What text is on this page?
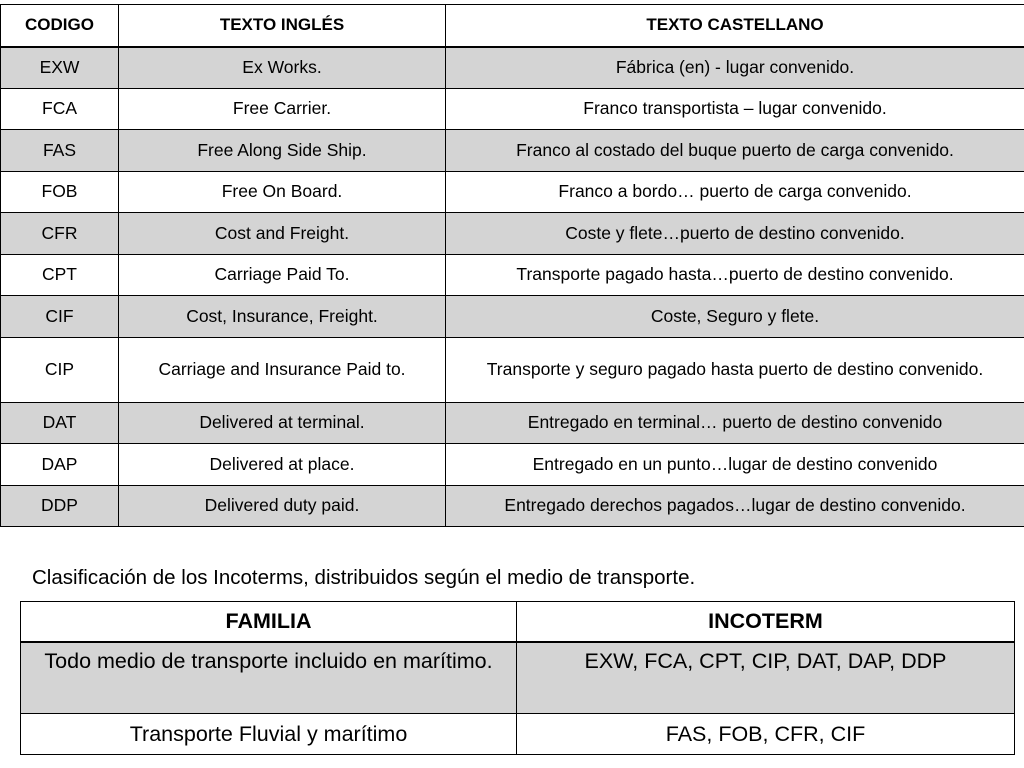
CODIGO	TEXTO INGLÉS	TEXTO CASTELLANO
EXW	Ex Works.	Fábrica (en) - lugar convenido.
FCA	Free Carrier.	Franco transportista – lugar convenido.
FAS	Free Along Side Ship.	Franco al costado del buque puerto de carga convenido.
FOB	Free On Board.	Franco a bordo… puerto de carga convenido.
CFR	Cost and Freight.	Coste y flete…puerto de destino convenido.
CPT	Carriage Paid To.	Transporte pagado hasta…puerto de destino convenido.
CIF	Cost, Insurance, Freight.	Coste, Seguro y flete.
CIP	Carriage and Insurance Paid to.	Transporte y seguro pagado hasta puerto de destino convenido.
DAT	Delivered at terminal.	Entregado en terminal… puerto de destino convenido
DAP	Delivered at place.	Entregado en un punto…lugar de destino convenido
DDP	Delivered duty paid.	Entregado derechos pagados…lugar de destino convenido.
Clasificación de los Incoterms, distribuidos según el medio de transporte.
FAMILIA	INCOTERM
Todo medio de transporte incluido en marítimo.	EXW, FCA, CPT, CIP, DAT, DAP, DDP
Transporte Fluvial y marítimo	FAS, FOB, CFR, CIF
